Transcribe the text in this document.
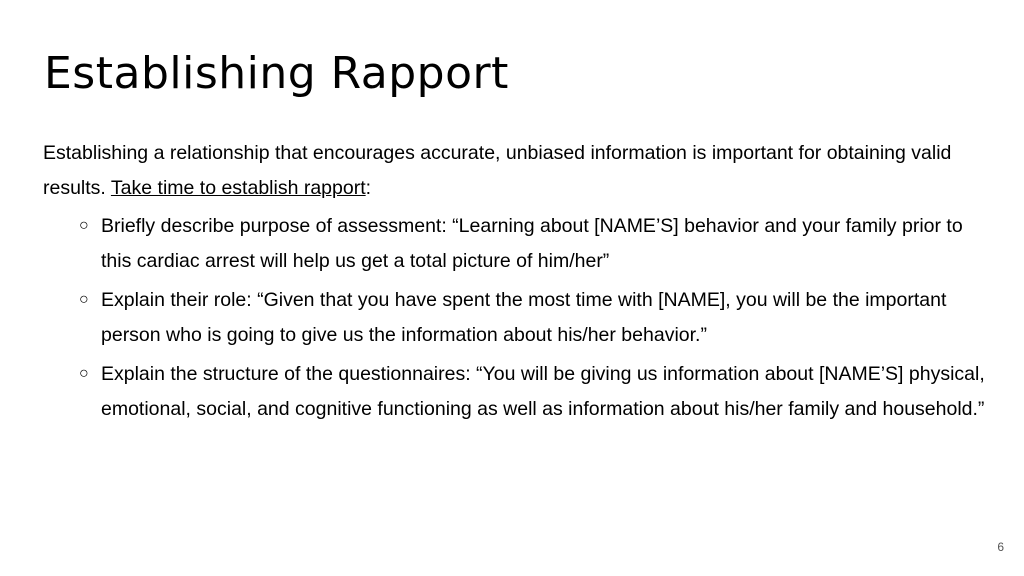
Establishing Rapport

Establishing a relationship that encourages accurate, unbiased information is important for obtaining valid results. Take time to establish rapport:

○ Briefly describe purpose of assessment: “Learning about [NAME’S] behavior and your family prior to this cardiac arrest will help us get a total picture of him/her”
○ Explain their role: “Given that you have spent the most time with [NAME], you will be the important person who is going to give us the information about his/her behavior.”
○ Explain the structure of the questionnaires: “You will be giving us information about [NAME’S] physical, emotional, social, and cognitive functioning as well as information about his/her family and household.”
6
